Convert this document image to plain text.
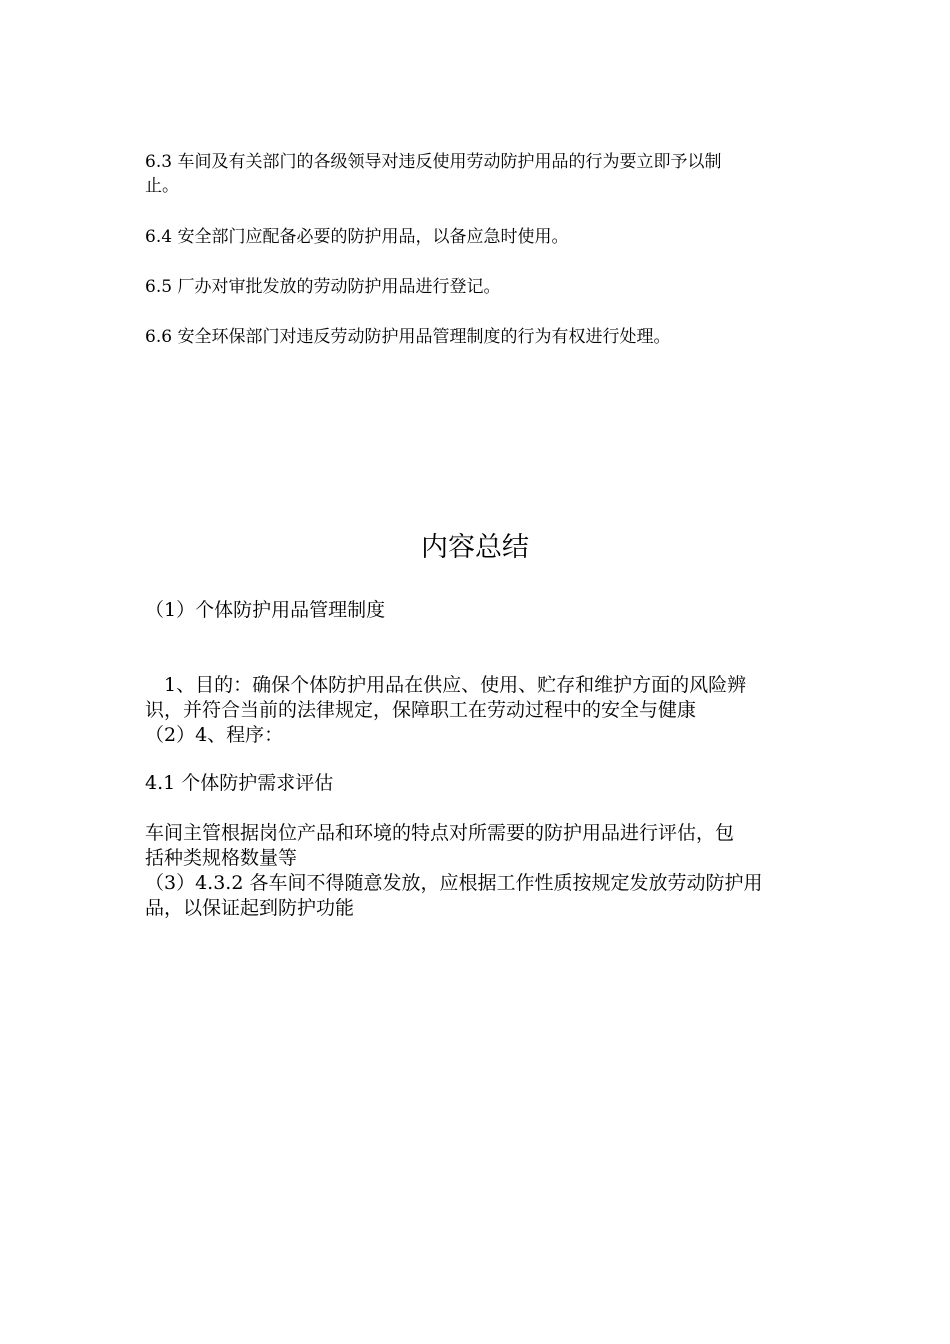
6.3 车间及有关部门的各级领导对违反使用劳动防护用品的行为要立即予以制
止。

6.4 安全部门应配备必要的防护用品，以备应急时使用。

6.5 厂办对审批发放的劳动防护用品进行登记。

6.6 安全环保部门对违反劳动防护用品管理制度的行为有权进行处理。

内容总结

（1）个体防护用品管理制度

　1、目的：确保个体防护用品在供应、使用、贮存和维护方面的风险辨
识，并符合当前的法律规定，保障职工在劳动过程中的安全与健康
（2）4、程序：

4.1 个体防护需求评估

车间主管根据岗位产品和环境的特点对所需要的防护用品进行评估，包
括种类规格数量等
（3）4.3.2 各车间不得随意发放，应根据工作性质按规定发放劳动防护用
品，以保证起到防护功能
